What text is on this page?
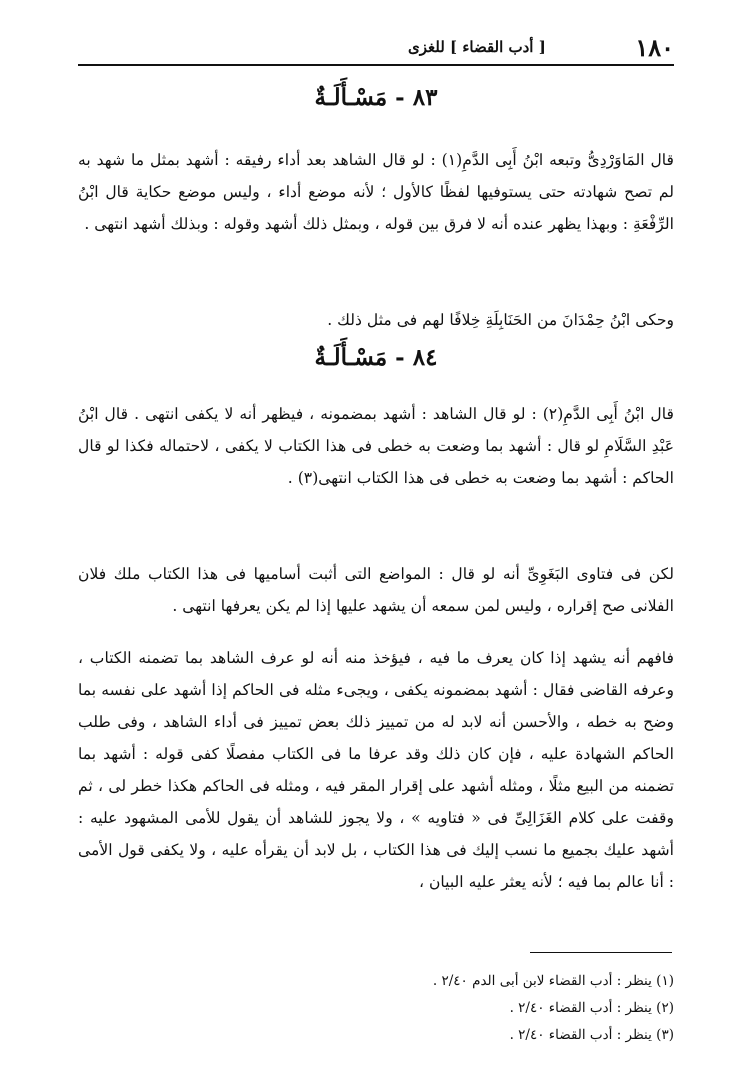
١٨٠
[ أدب القضاء ] للغزى
٨٣ - مَسْـأَلَـةٌ

قال المَاوَرْدِىُّ وتبعه ابْنُ أَبِى الدَّمِ(١) : لو قال الشاهد بعد أداء رفيقه : أشهد بمثل ما شهد به لم تصح شهادته حتى يستوفيها لفظًا كالأول ؛ لأنه موضع أداء ، وليس موضع حكاية قال ابْنُ الرِّفْعَةِ : وبهذا يظهر عنده أنه لا فرق بين قوله ، وبمثل ذلك أشهد وقوله : وبذلك أشهد انتهى .

وحكى ابْنُ حِمْدَانَ من الحَنَابِلَةِ خِلافًا لهم فى مثل ذلك .

٨٤ - مَسْـأَلَـةٌ

قال ابْنُ أَبِى الدَّمِ(٢) : لو قال الشاهد : أشهد بمضمونه ، فيظهر أنه لا يكفى انتهى . قال ابْنُ عَبْدِ السَّلَامِ لو قال : أشهد بما وضعت به خطى فى هذا الكتاب لا يكفى ، لاحتماله فكذا لو قال الحاكم : أشهد بما وضعت به خطى فى هذا الكتاب انتهى(٣) .

لكن فى فتاوى البَغَوِىِّ أنه لو قال : المواضع التى أثبت أساميها فى هذا الكتاب ملك فلان الفلانى صح إقراره ، وليس لمن سمعه أن يشهد عليها إذا لم يكن يعرفها انتهى .

فافهم أنه يشهد إذا كان يعرف ما فيه ، فيؤخذ منه أنه لو عرف الشاهد بما تضمنه الكتاب ، وعرفه القاضى فقال : أشهد بمضمونه يكفى ، ويجىء مثله فى الحاكم إذا أشهد على نفسه بما وضح به خطه ، والأحسن أنه لابد له من تمييز ذلك بعض تمييز فى أداء الشاهد ، وفى طلب الحاكم الشهادة عليه ، فإن كان ذلك وقد عرفا ما فى الكتاب مفصلًا كفى قوله : أشهد بما تضمنه من البيع مثلًا ، ومثله أشهد على إقرار المقر فيه ، ومثله فى الحاكم هكذا خطر لى ، ثم وقفت على كلام الغَزَالِىِّ فى « فتاويه » ، ولا يجوز للشاهد أن يقول للأمى المشهود عليه : أشهد عليك بجميع ما نسب إليك فى هذا الكتاب ، بل لابد أن يقرأه عليه ، ولا يكفى قول الأمى : أنا عالم بما فيه ؛ لأنه يعثر عليه البيان ،

(١) ينظر : أدب القضاء لابن أبى الدم ٢/٤٠ .
(٢) ينظر : أدب القضاء ٢/٤٠ .
(٣) ينظر : أدب القضاء ٢/٤٠ .
